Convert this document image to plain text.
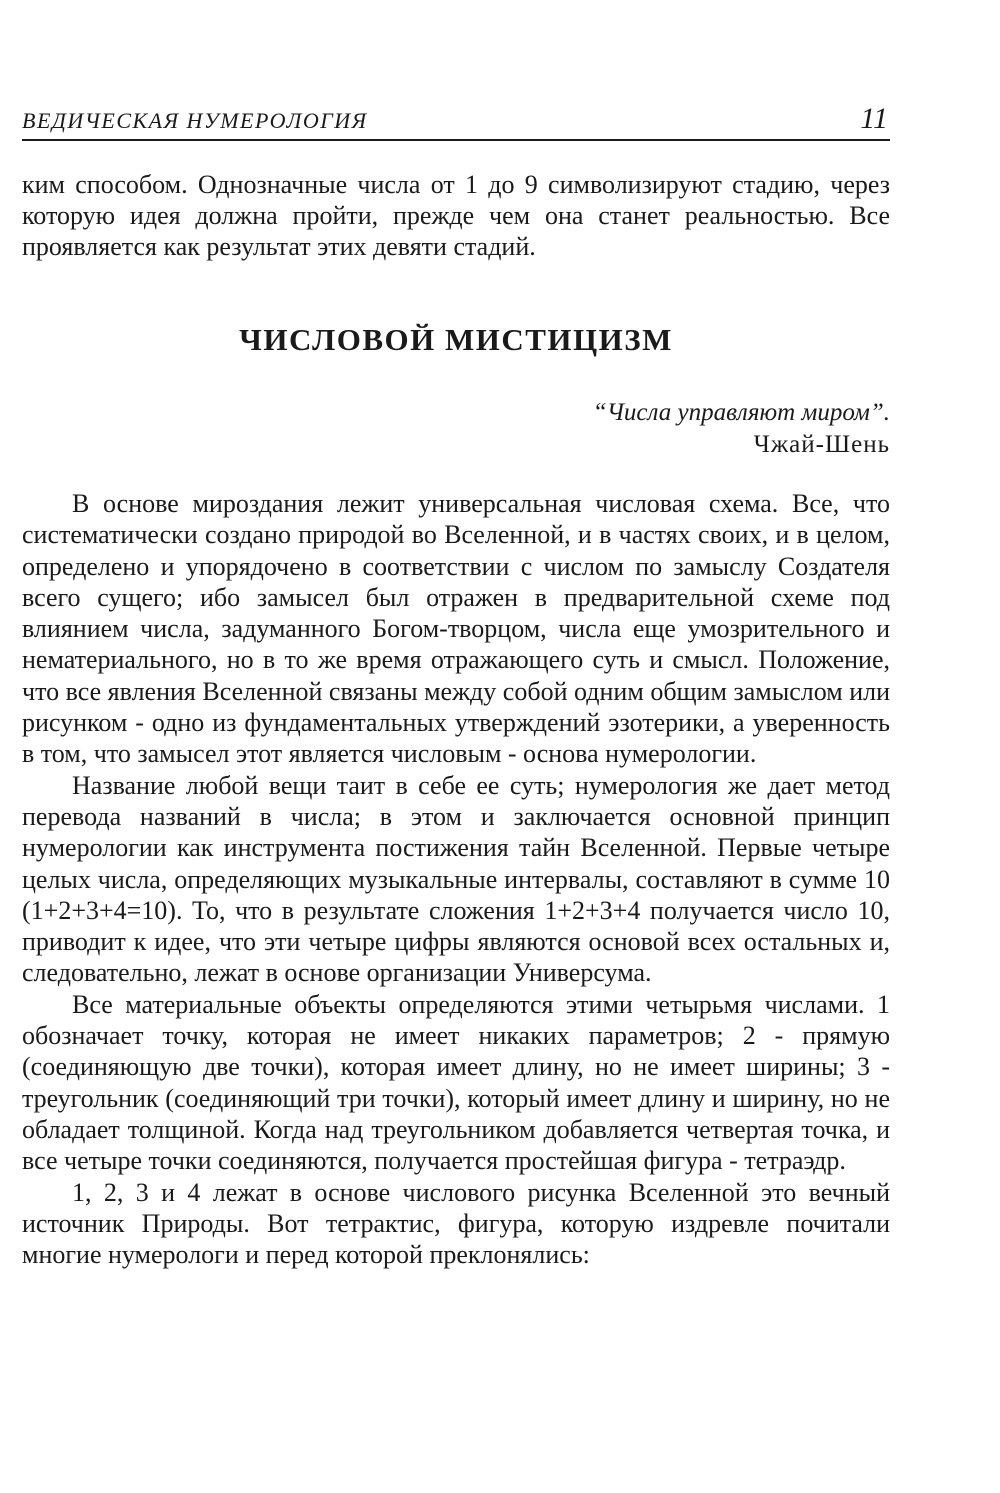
ВЕДИЧЕСКАЯ НУМЕРОЛОГИЯ	11

ким способом. Однозначные числа от 1 до 9 символизируют стадию, через которую идея должна пройти, прежде чем она станет реальностью. Все проявляется как результат этих девяти стадий.

ЧИСЛОВОЙ МИСТИЦИЗМ
“Числа управляют миром”.
Чжай-Шень

В основе мироздания лежит универсальная числовая схема. Все, что систематически создано природой во Вселенной, и в частях своих, и в целом, определено и упорядочено в соответствии с числом по замыслу Создателя всего сущего; ибо замысел был отражен в предварительной схеме под влиянием числа, задуманного Богом-творцом, числа еще умозрительного и нематериального, но в то же время отражающего суть и смысл. Положение, что все явления Вселенной связаны между собой одним общим замыслом или рисунком - одно из фундаментальных утверждений эзотерики, а уверенность в том, что замысел этот является числовым - основа нумерологии.

Название любой вещи таит в себе ее суть; нумерология же дает метод перевода названий в числа; в этом и заключается основной принцип нумерологии как инструмента постижения тайн Вселенной. Первые четыре целых числа, определяющих музыкальные интервалы, составляют в сумме 10 (1+2+3+4=10). То, что в результате сложения 1+2+3+4 получается число 10, приводит к идее, что эти четыре цифры являются основой всех остальных и, следовательно, лежат в основе организации Универсума.

Все материальные объекты определяются этими четырьмя числами. 1 обозначает точку, которая не имеет никаких параметров; 2 - прямую (соединяющую две точки), которая имеет длину, но не имеет ширины; 3 - треугольник (соединяющий три точки), который имеет длину и ширину, но не обладает толщиной. Когда над треугольником добавляется четвертая точка, и все четыре точки соединяются, получается простейшая фигура - тетраэдр.

1, 2, 3 и 4 лежат в основе числового рисунка Вселенной это вечный источник Природы. Вот тетрактис, фигура, которую издревле почитали многие нумерологи и перед которой преклонялись:
